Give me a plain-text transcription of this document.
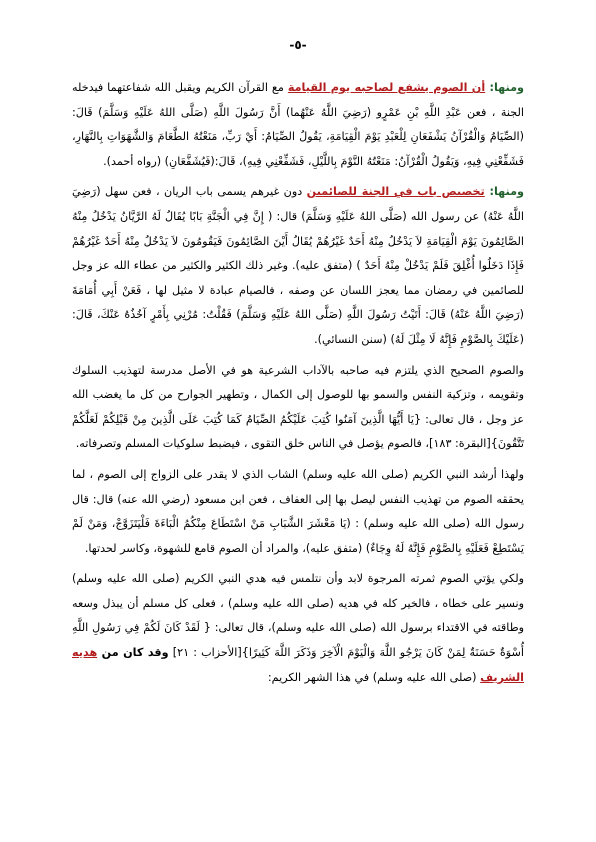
-٥-

ومنها: أن الصوم يشفع لصاحبه يوم القيامة مع القرآن الكريم ويقبل الله شفاعتهما فيدخله الجنة ، فعن عَبْدِ اللَّهِ بْنِ عَمْرٍو (رَضِيَ اللَّهُ عَنْهُما) أَنَّ رَسُولَ اللَّهِ (صَلَّى اللهُ عَلَيْهِ وَسَلَّمَ) قَالَ: (الصِّيَامُ وَالْقُرْآنُ يَشْفَعَانِ لِلْعَبْدِ يَوْمَ الْقِيَامَةِ، يَقُولُ الصِّيَامُ: أَيْ رَبِّ، مَنَعْتُهُ الطَّعَامَ وَالشَّهَوَاتِ بِالنَّهَارِ، فَشَفِّعْنِي فِيهِ، وَيَقُولُ الْقُرْآنُ: مَنَعْتُهُ النَّوْمَ بِاللَّيْلِ، فَشَفِّعْنِي فِيهِ)، قَالَ:(فَيُشَفَّعَانِ) (رواه أحمد).

ومنها: تخصيص باب في الجنة للصائمين دون غيرهم يسمى باب الريان ، فعن سهل (رَضِيَ اللَّهُ عَنْهُ) عن رسول الله (صَلَّى اللهُ عَلَيْهِ وَسَلَّمَ) قال: ( إِنَّ فِي الْجَنَّةِ بَابًا يُقَالُ لَهُ الرَّيَّانُ يَدْخُلُ مِنْهُ الصَّائِمُونَ يَوْمَ الْقِيَامَةِ لاَ يَدْخُلُ مِنْهُ أَحَدٌ غَيْرُهُمْ يُقَالُ أَيْنَ الصَّائِمُونَ فَيَقُومُونَ لاَ يَدْخُلُ مِنْهُ أَحَدٌ غَيْرُهُمْ فَإِذَا دَخَلُوا أُغْلِقَ فَلَمْ يَدْخُلْ مِنْهُ أَحَدٌ ) (متفق عليه). وغير ذلك الكثير والكثير من عطاء الله عز وجل للصائمين في رمضان مما يعجز اللسان عن وصفه ، فالصيام عبادة لا مثيل لها ، فَعَنْ أَبِي أُمَامَةَ (رَضِيَ اللَّهُ عَنْهُ) قَالَ: أَتَيْتُ رَسُولَ اللَّهِ (صَلَّى اللهُ عَلَيْهِ وَسَلَّمَ) فَقُلْتُ: مُرْنِي بِأَمْرٍ آخُذُهُ عَنْكَ، قَالَ:(عَلَيْكَ بِالصَّوْمِ فَإِنَّهُ لَا مِثْلَ لَهُ) (سنن النسائي).

والصوم الصحيح الذي يلتزم فيه صاحبه بالآداب الشرعية هو في الأصل مدرسة لتهذيب السلوك وتقويمه ، وتزكية النفس والسمو بها للوصول إلى الكمال ، وتطهير الجوارح من كل ما يغضب الله عز وجل ، قال تعالى: {يَا أَيُّهَا الَّذِينَ آمَنُوا كُتِبَ عَلَيْكُمُ الصِّيَامُ كَمَا كُتِبَ عَلَى الَّذِينَ مِنْ قَبْلِكُمْ لَعَلَّكُمْ تَتَّقُونَ}[البقرة: ١٨٣]، فالصوم يؤصل في الناس خلق التقوى ، فيضبط سلوكيات المسلم وتصرفاته.

ولهذا أرشد النبي الكريم (صلى الله عليه وسلم) الشاب الذي لا يقدر على الزواج إلى الصوم ، لما يحققه الصوم من تهذيب النفس ليصل بها إلى العفاف ، فعن ابن مسعود (رضي الله عنه) قال: قال رسول الله (صلى الله عليه وسلم) : (يَا مَعْشَرَ الشَّبَابِ مَنْ اسْتَطَاعَ مِنْكُمُ الْبَاءَةَ فَلْيَتَزَوَّجْ، وَمَنْ لَمْ يَسْتَطِعْ فَعَلَيْهِ بِالصَّوْمِ فَإِنَّهُ لَهُ وِجَاءٌ) (متفق عليه)، والمراد أن الصوم قامع للشهوة، وكاسر لحدتها.

ولكي يؤتي الصوم ثمرته المرجوة لابد وأن نتلمس فيه هدي النبي الكريم (صلى الله عليه وسلم) ونسير على خطاه ، فالخير كله في هديه (صلى الله عليه وسلم) ، فعلى كل مسلم أن يبذل وسعه وطاقته في الاقتداء برسول الله (صلى الله عليه وسلم)، قال تعالى: { لَقَدْ كَانَ لَكُمْ فِي رَسُولِ اللَّهِ أُسْوَةٌ حَسَنَةٌ لِمَنْ كَانَ يَرْجُو اللَّهَ وَالْيَوْمَ الْآخِرَ وَذَكَرَ اللَّهَ كَثِيرًا}[الأحزاب : ٢١] وقد كان من هديه الشريف (صلى الله عليه وسلم) في هذا الشهر الكريم:
